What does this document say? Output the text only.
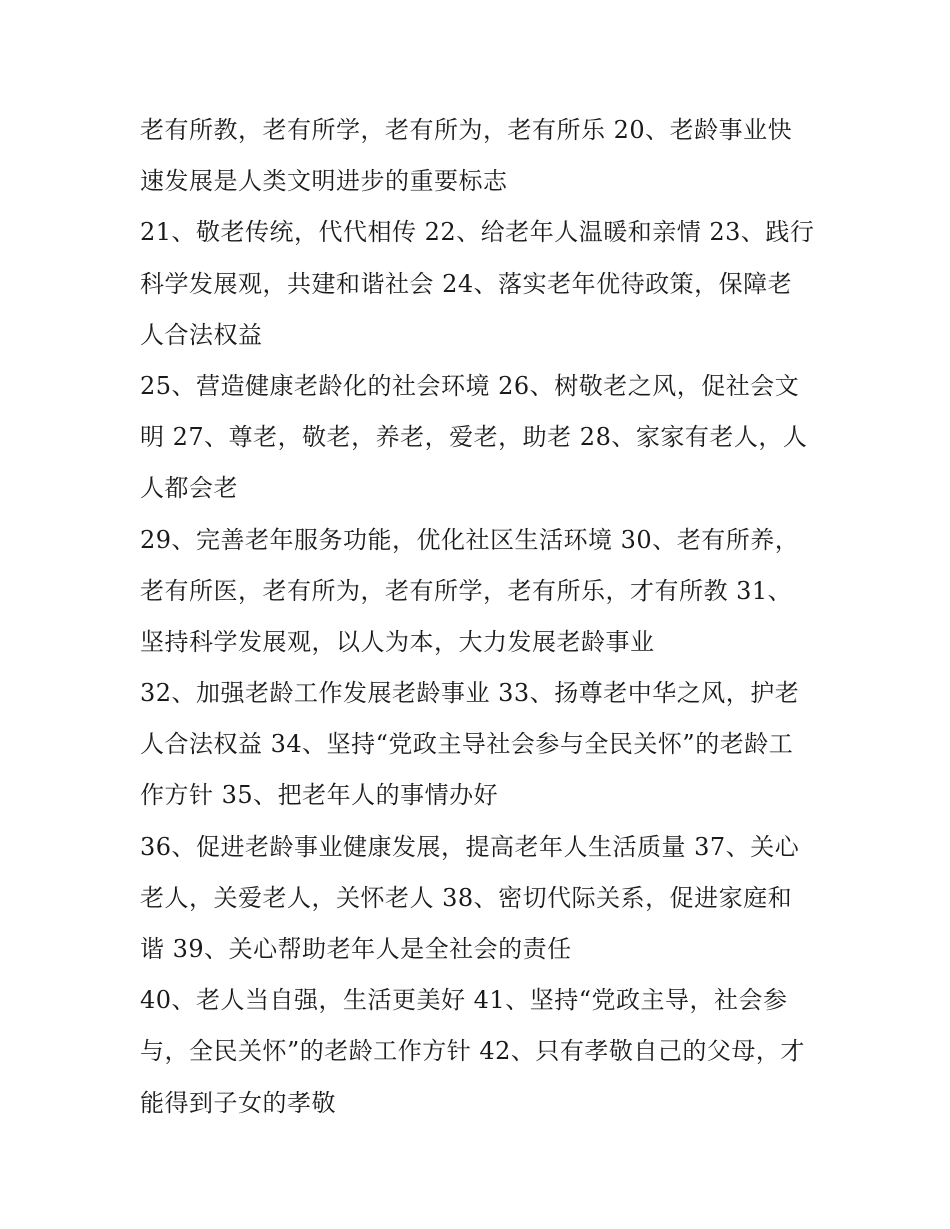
老有所教，老有所学，老有所为，老有所乐 20、老龄事业快
速发展是人类文明进步的重要标志
21、敬老传统，代代相传 22、给老年人温暖和亲情 23、践行
科学发展观，共建和谐社会 24、落实老年优待政策，保障老
人合法权益
25、营造健康老龄化的社会环境 26、树敬老之风，促社会文
明 27、尊老，敬老，养老，爱老，助老 28、家家有老人，人
人都会老
29、完善老年服务功能，优化社区生活环境 30、老有所养，
老有所医，老有所为，老有所学，老有所乐，才有所教 31、
坚持科学发展观，以人为本，大力发展老龄事业
32、加强老龄工作发展老龄事业 33、扬尊老中华之风，护老
人合法权益 34、坚持“党政主导社会参与全民关怀”的老龄工
作方针 35、把老年人的事情办好
36、促进老龄事业健康发展，提高老年人生活质量 37、关心
老人，关爱老人，关怀老人 38、密切代际关系，促进家庭和
谐 39、关心帮助老年人是全社会的责任
40、老人当自强，生活更美好 41、坚持“党政主导，社会参
与，全民关怀”的老龄工作方针 42、只有孝敬自己的父母，才
能得到子女的孝敬
